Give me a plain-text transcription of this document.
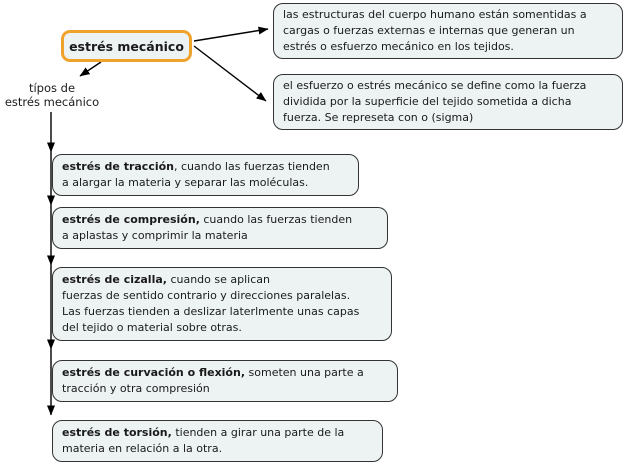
estrés mecánico
típos de
estrés mecánico
las estructuras del cuerpo humano están somentidas a
cargas o fuerzas externas e internas que generan un
estrés o esfuerzo mecánico en los tejidos.
el esfuerzo o estrés mecánico se define como la fuerza
dividida por la superficie del tejido sometida a dicha
fuerza. Se represeta con o (sigma)
estrés de tracción, cuando las fuerzas tienden
a alargar la materia y separar las moléculas.
estrés de compresión, cuando las fuerzas tienden
a aplastas y comprimir la materia
estrés de cizalla, cuando se aplican
fuerzas de sentido contrario y direcciones paralelas.
Las fuerzas tienden a deslizar laterlmente unas capas
del tejido o material sobre otras.
estrés de curvación o flexión, someten una parte a
tracción y otra compresión
estrés de torsión, tienden a girar una parte de la
materia en relación a la otra.
